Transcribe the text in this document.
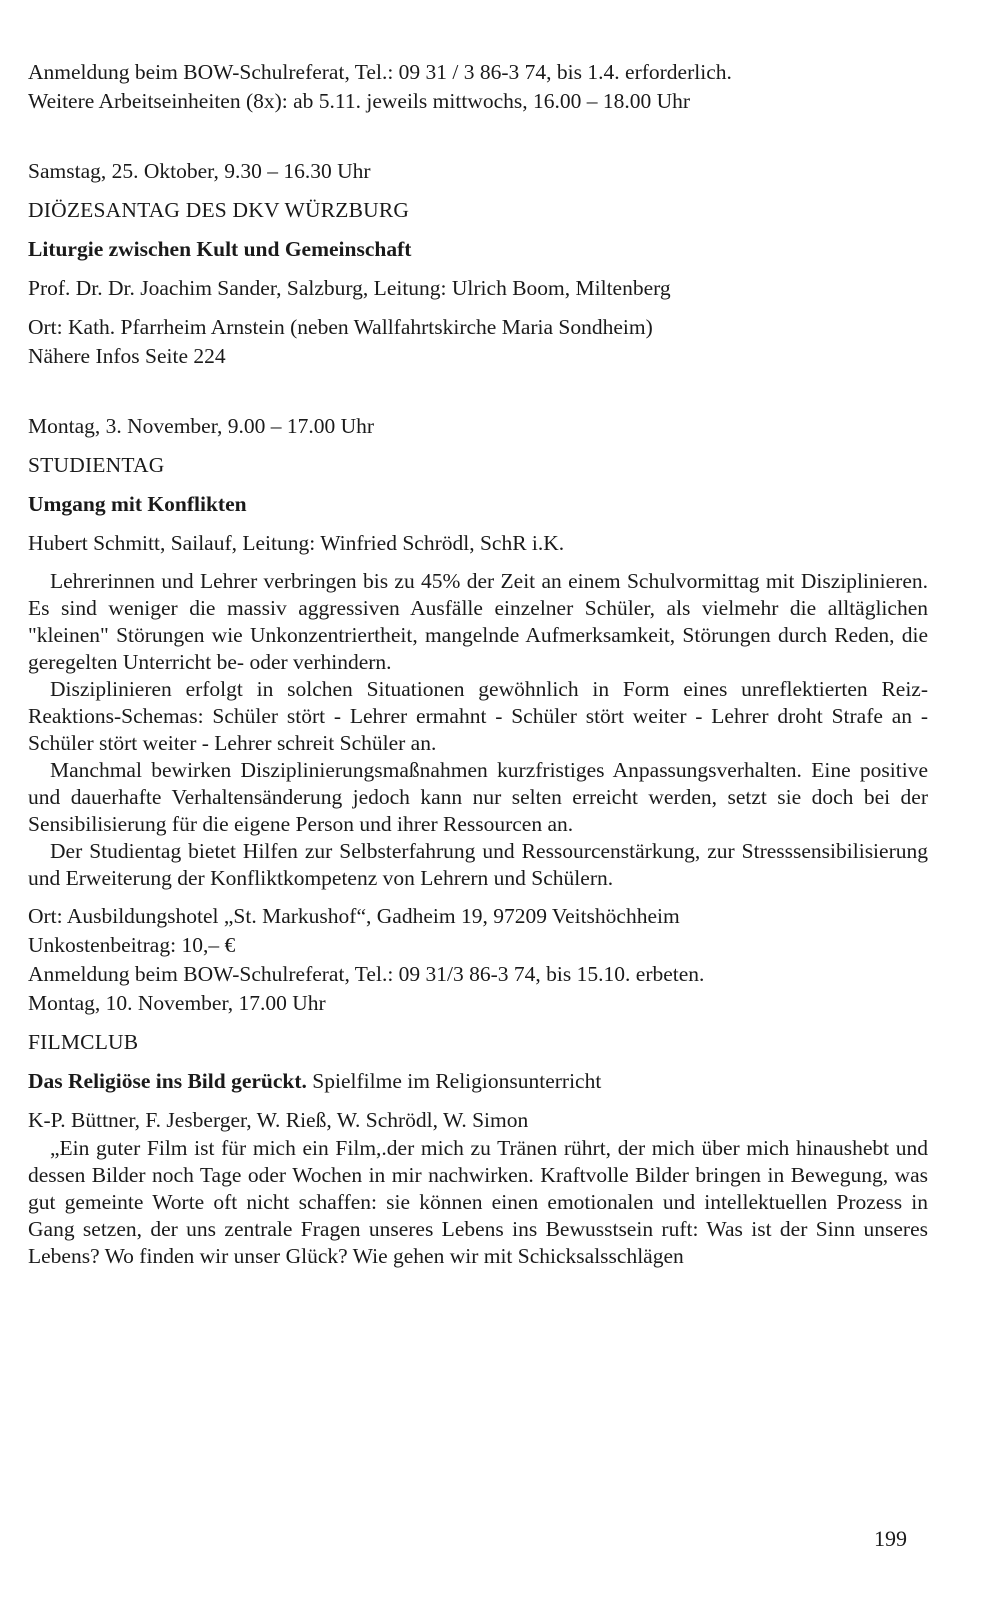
Anmeldung beim BOW-Schulreferat, Tel.: 09 31 / 3 86-3 74, bis 1.4. erforderlich.
Weitere Arbeitseinheiten (8x): ab 5.11. jeweils mittwochs, 16.00 – 18.00 Uhr
Samstag, 25. Oktober, 9.30 – 16.30 Uhr
DIÖZESANTAG DES DKV WÜRZBURG
Liturgie zwischen Kult und Gemeinschaft
Prof. Dr. Dr. Joachim Sander, Salzburg, Leitung: Ulrich Boom, Miltenberg
Ort: Kath. Pfarrheim Arnstein (neben Wallfahrtskirche Maria Sondheim)
Nähere Infos Seite 224
Montag, 3. November, 9.00 – 17.00 Uhr
STUDIENTAG
Umgang mit Konflikten
Hubert Schmitt, Sailauf, Leitung: Winfried Schrödl, SchR i.K.

Lehrerinnen und Lehrer verbringen bis zu 45% der Zeit an einem Schulvormittag mit Disziplinieren. Es sind weniger die massiv aggressiven Ausfälle einzelner Schüler, als vielmehr die alltäglichen "kleinen" Störungen wie Unkonzentriertheit, mangelnde Aufmerksamkeit, Störungen durch Reden, die geregelten Unterricht be- oder verhindern.

Disziplinieren erfolgt in solchen Situationen gewöhnlich in Form eines unreflektierten Reiz-Reaktions-Schemas: Schüler stört - Lehrer ermahnt - Schüler stört weiter - Lehrer droht Strafe an - Schüler stört weiter - Lehrer schreit Schüler an.

Manchmal bewirken Disziplinierungsmaßnahmen kurzfristiges Anpassungsverhalten. Eine positive und dauerhafte Verhaltensänderung jedoch kann nur selten erreicht werden, setzt sie doch bei der Sensibilisierung für die eigene Person und ihrer Ressourcen an.

Der Studientag bietet Hilfen zur Selbsterfahrung und Ressourcenstärkung, zur Stresssensibilisierung und Erweiterung der Konfliktkompetenz von Lehrern und Schülern.

Ort: Ausbildungshotel „St. Markushof“, Gadheim 19, 97209 Veitshöchheim
Unkostenbeitrag: 10,– €
Anmeldung beim BOW-Schulreferat, Tel.: 09 31/3 86-3 74, bis 15.10. erbeten.
Montag, 10. November, 17.00 Uhr
FILMCLUB
Das Religiöse ins Bild gerückt. Spielfilme im Religionsunterricht
K-P. Büttner, F. Jesberger, W. Rieß, W. Schrödl, W. Simon

„Ein guter Film ist für mich ein Film,.der mich zu Tränen rührt, der mich über mich hinaushebt und dessen Bilder noch Tage oder Wochen in mir nachwirken. Kraftvolle Bilder bringen in Bewegung, was gut gemeinte Worte oft nicht schaffen: sie können einen emotionalen und intellektuellen Prozess in Gang setzen, der uns zentrale Fragen unseres Lebens ins Bewusstsein ruft: Was ist der Sinn unseres Lebens? Wo finden wir unser Glück? Wie gehen wir mit Schicksalsschlägen

199
